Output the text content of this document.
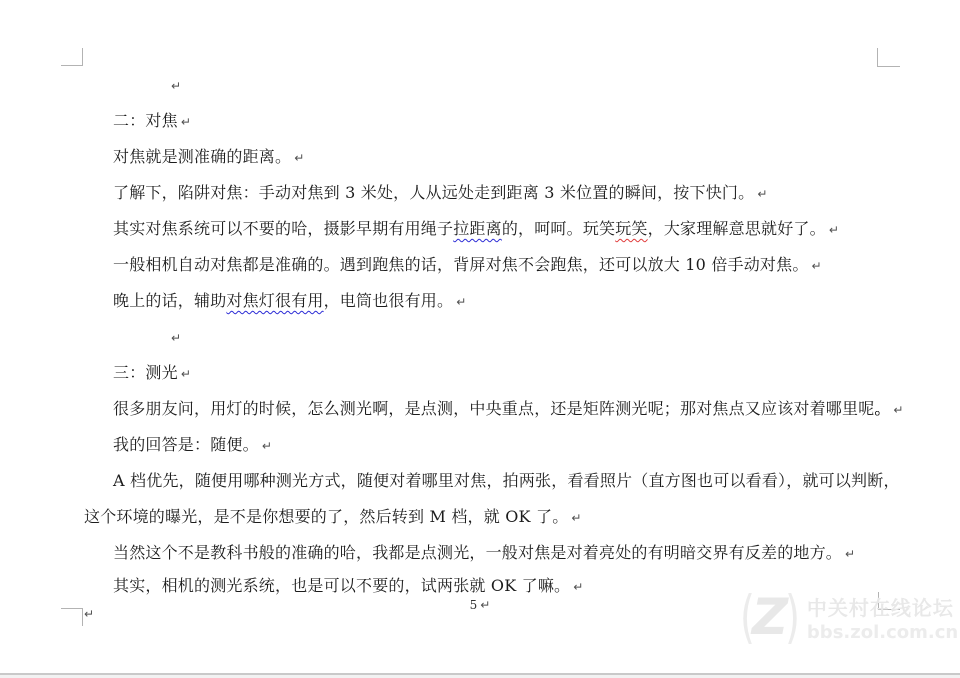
↵
二：对焦 ↵
对焦就是测准确的距离。 ↵
了解下，陷阱对焦：手动对焦到 3 米处，人从远处走到距离 3 米位置的瞬间，按下快门。 ↵
其实对焦系统可以不要的哈，摄影早期有用绳子拉距离的，呵呵。玩笑玩笑，大家理解意思就好了。 ↵
一般相机自动对焦都是准确的。遇到跑焦的话，背屏对焦不会跑焦，还可以放大 10 倍手动对焦。 ↵
晚上的话，辅助对焦灯很有用，电筒也很有用。 ↵
↵
三：测光 ↵
很多朋友问，用灯的时候，怎么测光啊，是点测，中央重点，还是矩阵测光呢；那对焦点又应该对着哪里呢。。。。 ↵
我的回答是：随便。 ↵
A 档优先，随便用哪种测光方式，随便对着哪里对焦，拍两张，看看照片（直方图也可以看看），就可以判断，
这个环境的曝光，是不是你想要的了，然后转到 M 档，就 OK 了。 ↵
当然这个不是教科书般的准确的哈，我都是点测光，一般对焦是对着亮处的有明暗交界有反差的地方。 ↵
其实，相机的测光系统，也是可以不要的，试两张就 OK 了嘛。 ↵
↵
5 ↵	(
Z
) 中关村在线论坛
bbs.zol.com.cn
